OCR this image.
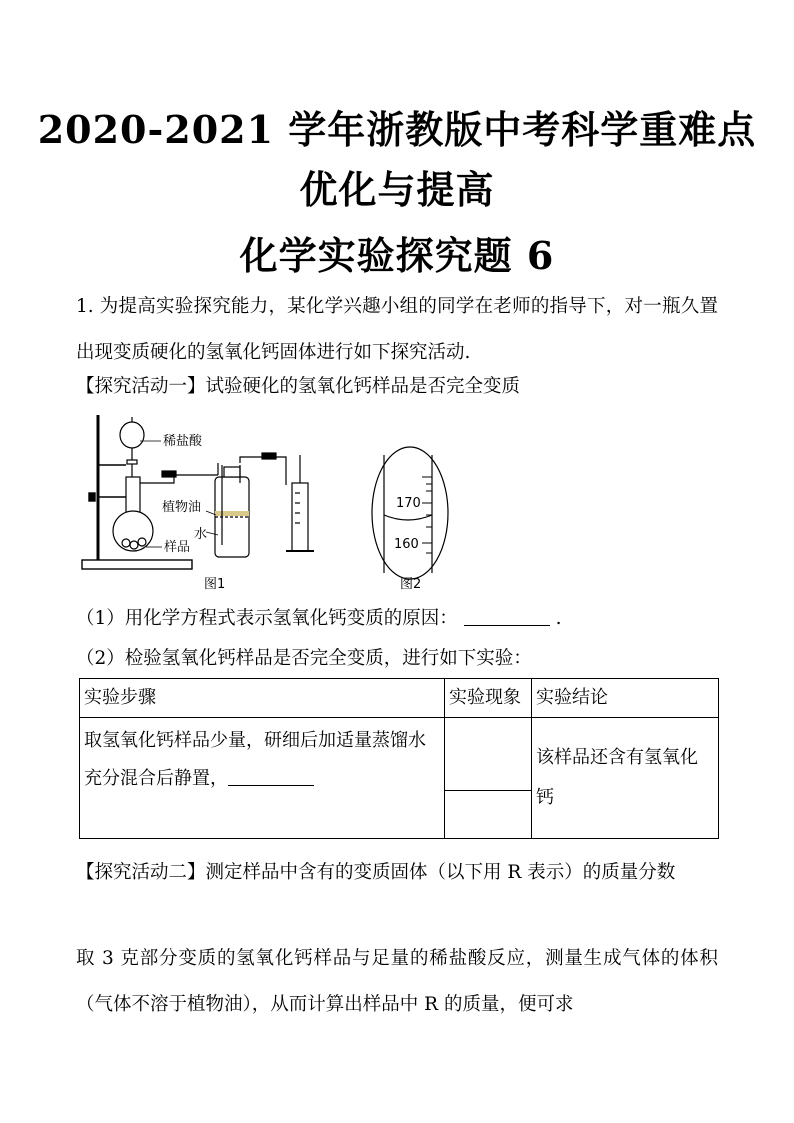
2020-2021 学年浙教版中考科学重难点
优化与提高
化学实验探究题 6
1. 为提高实验探究能力，某化学兴趣小组的同学在老师的指导下，对一瓶久置出现变质硬化的氢氧化钙固体进行如下探究活动.
【探究活动一】试验硬化的氢氧化钙样品是否完全变质
稀盐酸
植物油
水
样品
图1
170
160
图2
（1）用化学方程式表示氢氧化钙变质的原因：	.
（2）检验氢氧化钙样品是否完全变质，进行如下实验：
实验步骤	实验现象	实验结论

取氢氧化钙样品少量，研细后加适量蒸馏水
充分混合后静置，		该样品还含有氢氧化钙
【探究活动二】测定样品中含有的变质固体（以下用 R 表示）的质量分数
取 3 克部分变质的氢氧化钙样品与足量的稀盐酸反应，测量生成气体的体积（气体不溶于植物油），从而计算出样品中 R 的质量，便可求
